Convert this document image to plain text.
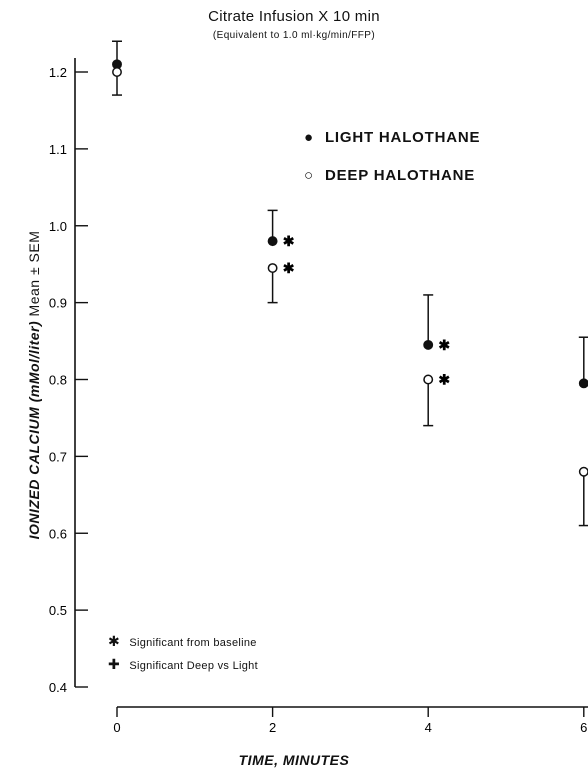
Citrate Infusion X 10 min
(Equivalent to 1.0 ml·kg/min/FFP)
IONIZED CALCIUM (mMol/liter) Mean ± SEM
TIME, MINUTES
● LIGHT HALOTHANE
○ DEEP HALOTHANE
✱ Significant from baseline
✚ Significant Deep vs Light
0.4
0.5
0.6
0.7
0.8
0.9
1.0
1.1
1.2
0	2	4	6
✱
✱
✱
✱
